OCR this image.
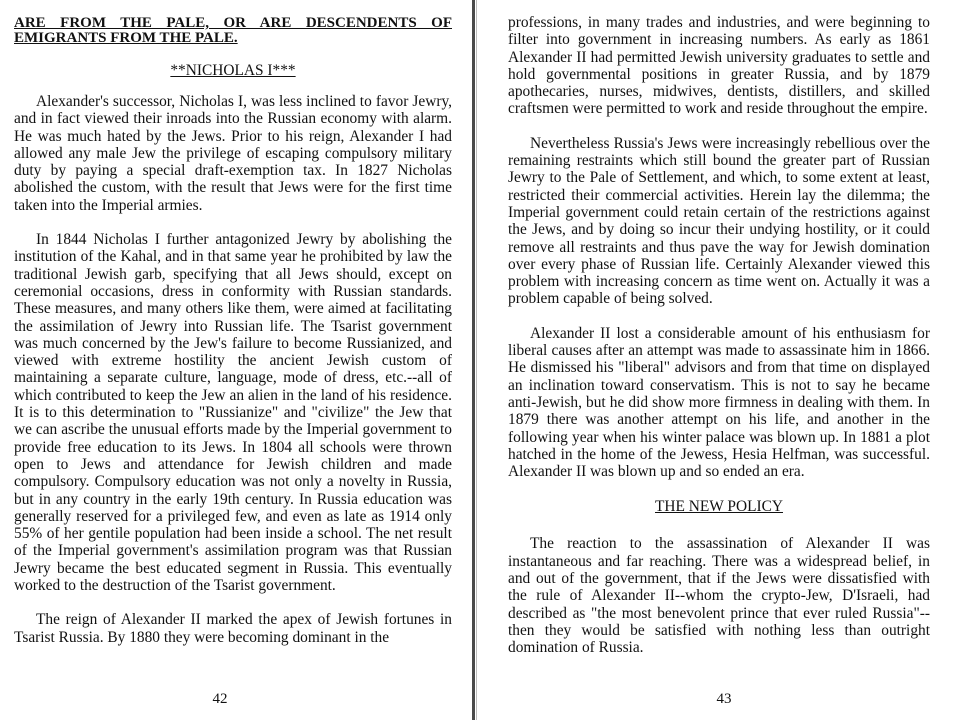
ARE FROM THE PALE, OR ARE DESCENDENTS OF EMIGRANTS FROM THE PALE.
**NICHOLAS I***

Alexander's successor, Nicholas I, was less inclined to favor Jewry, and in fact viewed their inroads into the Russian economy with alarm. He was much hated by the Jews. Prior to his reign, Alexander I had allowed any male Jew the privilege of escaping compulsory military duty by paying a special draft-exemption tax. In 1827 Nicholas abolished the custom, with the result that Jews were for the first time taken into the Imperial armies.

In 1844 Nicholas I further antagonized Jewry by abolishing the institution of the Kahal, and in that same year he prohibited by law the traditional Jewish garb, specifying that all Jews should, except on ceremonial occasions, dress in conformity with Russian standards. These measures, and many others like them, were aimed at facilitating the assimilation of Jewry into Russian life. The Tsarist government was much concerned by the Jew's failure to become Russianized, and viewed with extreme hostility the ancient Jewish custom of maintaining a separate culture, language, mode of dress, etc.--all of which contributed to keep the Jew an alien in the land of his residence. It is to this determination to "Russianize" and "civilize" the Jew that we can ascribe the unusual efforts made by the Imperial government to provide free education to its Jews. In 1804 all schools were thrown open to Jews and attendance for Jewish children and made compulsory. Compulsory education was not only a novelty in Russia, but in any country in the early 19th century. In Russia education was generally reserved for a privileged few, and even as late as 1914 only 55% of her gentile population had been inside a school. The net result of the Imperial government's assimilation program was that Russian Jewry became the best educated segment in Russia. This eventually worked to the destruction of the Tsarist government.

The reign of Alexander II marked the apex of Jewish fortunes in Tsarist Russia. By 1880 they were becoming dominant in the

42

professions, in many trades and industries, and were beginning to filter into government in increasing numbers. As early as 1861 Alexander II had permitted Jewish university graduates to settle and hold governmental positions in greater Russia, and by 1879 apothecaries, nurses, midwives, dentists, distillers, and skilled craftsmen were permitted to work and reside throughout the empire.

Nevertheless Russia's Jews were increasingly rebellious over the remaining restraints which still bound the greater part of Russian Jewry to the Pale of Settlement, and which, to some extent at least, restricted their commercial activities. Herein lay the dilemma; the Imperial government could retain certain of the restrictions against the Jews, and by doing so incur their undying hostility, or it could remove all restraints and thus pave the way for Jewish domination over every phase of Russian life. Certainly Alexander viewed this problem with increasing concern as time went on. Actually it was a problem capable of being solved.

Alexander II lost a considerable amount of his enthusiasm for liberal causes after an attempt was made to assassinate him in 1866. He dismissed his "liberal" advisors and from that time on displayed an inclination toward conservatism. This is not to say he became anti-Jewish, but he did show more firmness in dealing with them. In 1879 there was another attempt on his life, and another in the following year when his winter palace was blown up. In 1881 a plot hatched in the home of the Jewess, Hesia Helfman, was successful. Alexander II was blown up and so ended an era.

THE NEW POLICY

The reaction to the assassination of Alexander II was instantaneous and far reaching. There was a widespread belief, in and out of the government, that if the Jews were dissatisfied with the rule of Alexander II--whom the crypto-Jew, D'Israeli, had described as "the most benevolent prince that ever ruled Russia"--then they would be satisfied with nothing less than outright domination of Russia.

43
